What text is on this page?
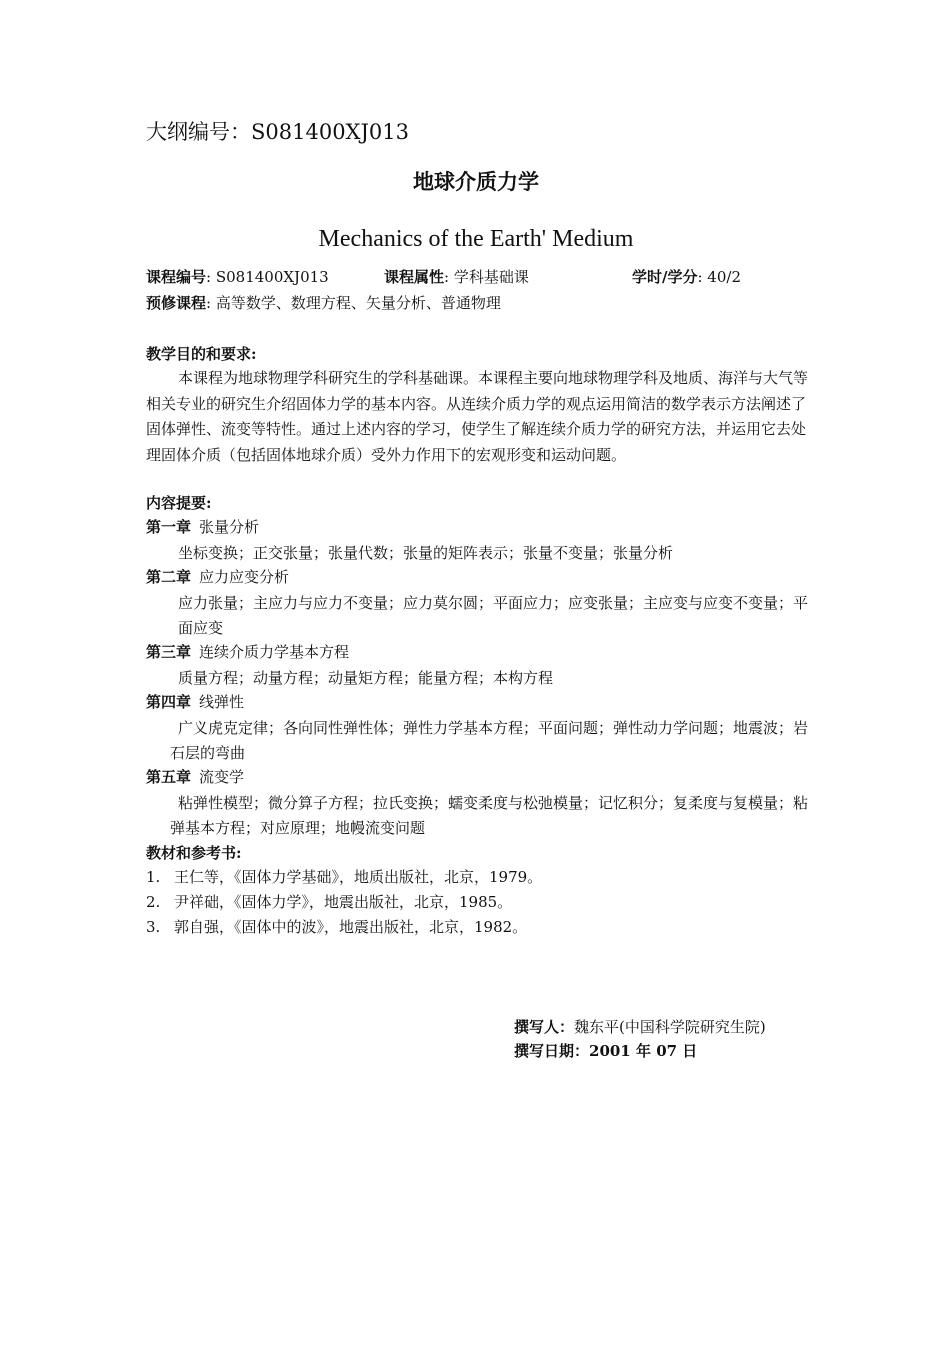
大纲编号：S081400XJ013
地球介质力学
Mechanics of the Earth' Medium
课程编号: S081400XJ013	课程属性: 学科基础课	学时/学分: 40/2
预修课程: 高等数学、数理方程、矢量分析、普通物理
教学目的和要求:
本课程为地球物理学科研究生的学科基础课。本课程主要向地球物理学科及地质、海洋与大气等相关专业的研究生介绍固体力学的基本内容。从连续介质力学的观点运用简洁的数学表示方法阐述了固体弹性、流变等特性。通过上述内容的学习，使学生了解连续介质力学的研究方法，并运用它去处理固体介质（包括固体地球介质）受外力作用下的宏观形变和运动问题。
内容提要:
第一章 张量分析
坐标变换；正交张量；张量代数；张量的矩阵表示；张量不变量；张量分析
第二章 应力应变分析
应力张量；主应力与应力不变量；应力莫尔圆；平面应力；应变张量；主应变与应变不变量；平面应变
第三章 连续介质力学基本方程
质量方程；动量方程；动量矩方程；能量方程；本构方程
第四章 线弹性
广义虎克定律；各向同性弹性体；弹性力学基本方程；平面问题；弹性动力学问题；地震波；岩石层的弯曲
第五章 流变学
粘弹性模型；微分算子方程；拉氏变换；蠕变柔度与松弛模量；记忆积分；复柔度与复模量；粘弹基本方程；对应原理；地幔流变问题
教材和参考书:
1. 王仁等，《固体力学基础》，地质出版社，北京，1979。
2. 尹祥础，《固体力学》，地震出版社，北京，1985。
3. 郭自强，《固体中的波》，地震出版社，北京，1982。
撰写人：魏东平(中国科学院研究生院)
撰写日期：2001 年 07 日
